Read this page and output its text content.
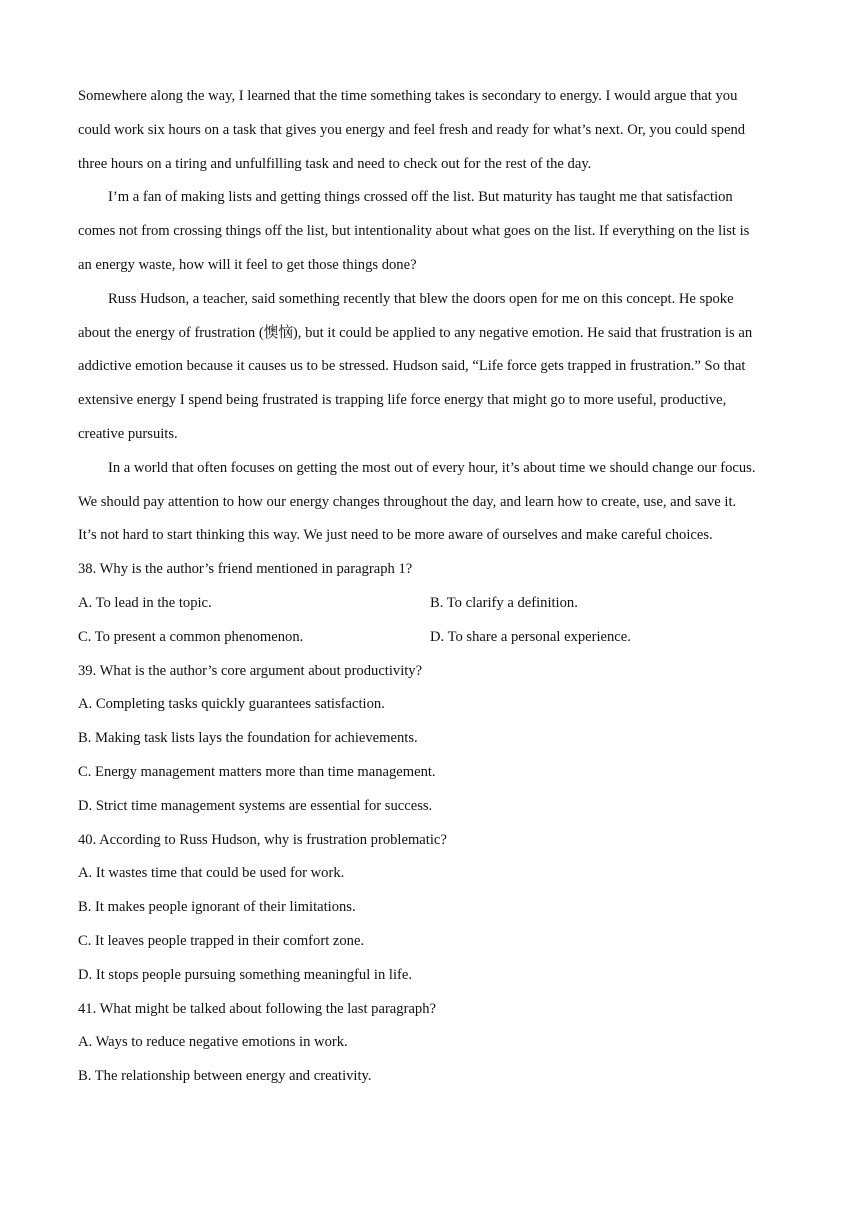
Somewhere along the way, I learned that the time something takes is secondary to energy. I would argue that you
could work six hours on a task that gives you energy and feel fresh and ready for what’s next. Or, you could spend
three hours on a tiring and unfulfilling task and need to check out for the rest of the day.
I’m a fan of making lists and getting things crossed off the list. But maturity has taught me that satisfaction
comes not from crossing things off the list, but intentionality about what goes on the list. If everything on the list is
an energy waste, how will it feel to get those things done?
Russ Hudson, a teacher, said something recently that blew the doors open for me on this concept. He spoke
about the energy of frustration (懊恼), but it could be applied to any negative emotion. He said that frustration is an
addictive emotion because it causes us to be stressed. Hudson said, “Life force gets trapped in frustration.” So that
extensive energy I spend being frustrated is trapping life force energy that might go to more useful, productive,
creative pursuits.
In a world that often focuses on getting the most out of every hour, it’s about time we should change our focus.
We should pay attention to how our energy changes throughout the day, and learn how to create, use, and save it.
It’s not hard to start thinking this way. We just need to be more aware of ourselves and make careful choices.
38. Why is the author’s friend mentioned in paragraph 1?
A. To lead in the topic.	B. To clarify a definition.
C. To present a common phenomenon.	D. To share a personal experience.
39. What is the author’s core argument about productivity?
A. Completing tasks quickly guarantees satisfaction.
B. Making task lists lays the foundation for achievements.
C. Energy management matters more than time management.
D. Strict time management systems are essential for success.
40. According to Russ Hudson, why is frustration problematic?
A. It wastes time that could be used for work.
B. It makes people ignorant of their limitations.
C. It leaves people trapped in their comfort zone.
D. It stops people pursuing something meaningful in life.
41. What might be talked about following the last paragraph?
A. Ways to reduce negative emotions in work.
B. The relationship between energy and creativity.
